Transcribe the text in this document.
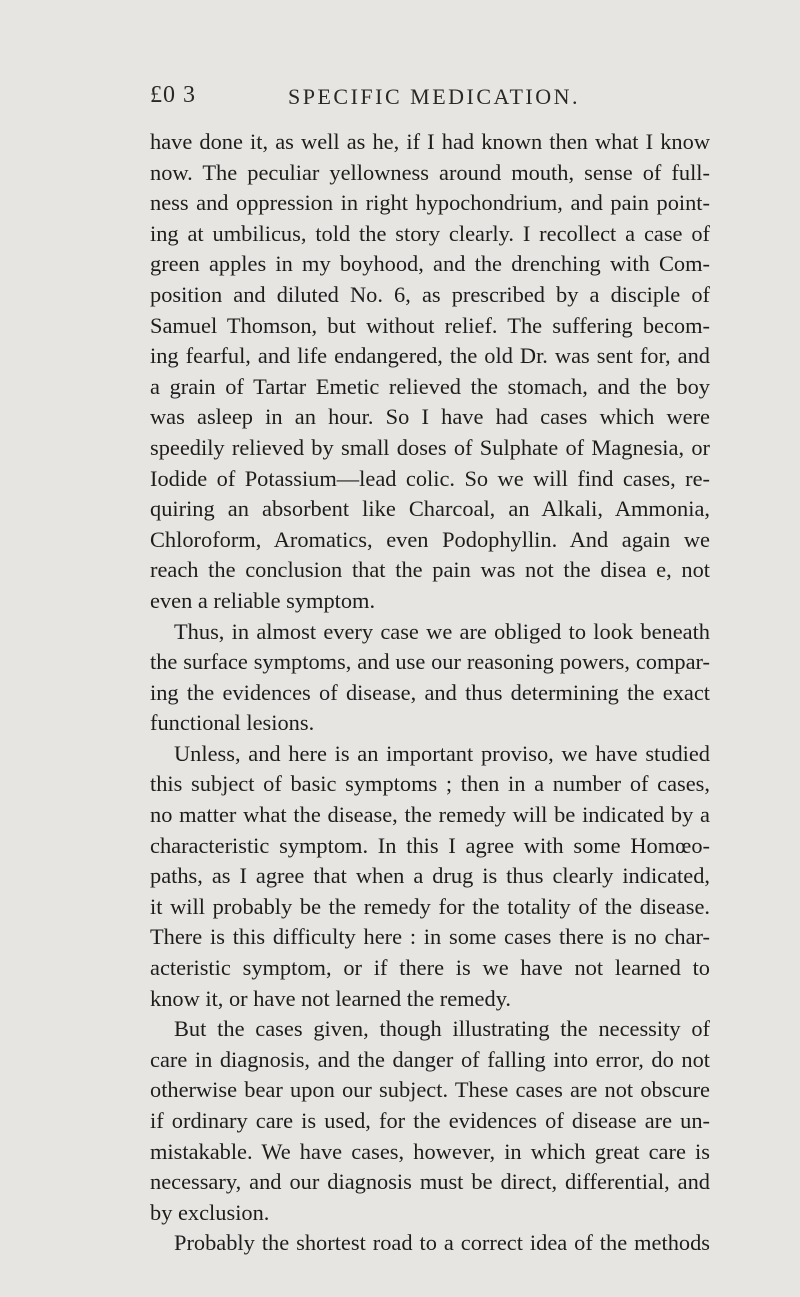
£0 3	SPECIFIC MEDICATION.
have done it, as well as he, if I had known then what I know
now. The peculiar yellowness around mouth, sense of full-
ness and oppression in right hypochondrium, and pain point-
ing at umbilicus, told the story clearly. I recollect a case of
green apples in my boyhood, and the drenching with Com-
position and diluted No. 6, as prescribed by a disciple of
Samuel Thomson, but without relief. The suffering becom-
ing fearful, and life endangered, the old Dr. was sent for, and
a grain of Tartar Emetic relieved the stomach, and the boy
was asleep in an hour. So I have had cases which were
speedily relieved by small doses of Sulphate of Magnesia, or
Iodide of Potassium—lead colic. So we will find cases, re-
quiring an absorbent like Charcoal, an Alkali, Ammonia,
Chloroform, Aromatics, even Podophyllin. And again we
reach the conclusion that the pain was not the disea e, not
even a reliable symptom.
Thus, in almost every case we are obliged to look beneath
the surface symptoms, and use our reasoning powers, compar-
ing the evidences of disease, and thus determining the exact
functional lesions.
Unless, and here is an important proviso, we have studied
this subject of basic symptoms ; then in a number of cases,
no matter what the disease, the remedy will be indicated by a
characteristic symptom. In this I agree with some Homœo-
paths, as I agree that when a drug is thus clearly indicated,
it will probably be the remedy for the totality of the disease.
There is this difficulty here : in some cases there is no char-
acteristic symptom, or if there is we have not learned to
know it, or have not learned the remedy.
But the cases given, though illustrating the necessity of
care in diagnosis, and the danger of falling into error, do not
otherwise bear upon our subject. These cases are not obscure
if ordinary care is used, for the evidences of disease are un-
mistakable. We have cases, however, in which great care is
necessary, and our diagnosis must be direct, differential, and
by exclusion.
Probably the shortest road to a correct idea of the methods
